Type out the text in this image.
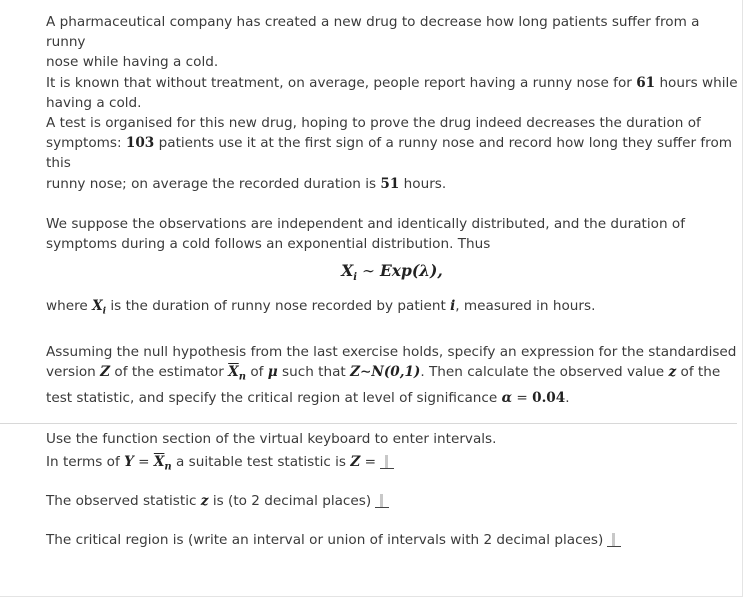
A pharmaceutical company has created a new drug to decrease how long patients suffer from a runny

nose while having a cold.

It is known that without treatment, on average, people report having a runny nose for 61 hours while

having a cold.

A test is organised for this new drug, hoping to prove the drug indeed decreases the duration of

symptoms: 103 patients use it at the first sign of a runny nose and record how long they suffer from this

runny nose; on average the recorded duration is 51 hours.

We suppose the observations are independent and identically distributed, and the duration of

symptoms during a cold follows an exponential distribution. Thus

$X_i$ ∼ Exp(λ),

where $X_i$ is the duration of runny nose recorded by patient i, measured in hours.

Assuming the null hypothesis from the last exercise holds, specify an expression for the standardised

version Z of the estimator $\overline{X}_n$ of μ such that Z∼N(0,1). Then calculate the observed value z of the

test statistic, and specify the critical region at level of significance α = 0.04.

Use the function section of the virtual keyboard to enter intervals.

In terms of $Y = \overline{X}_n$ a suitable test statistic is Z =
The observed statistic z is (to 2 decimal places)
The critical region is (write an interval or union of intervals with 2 decimal places)
